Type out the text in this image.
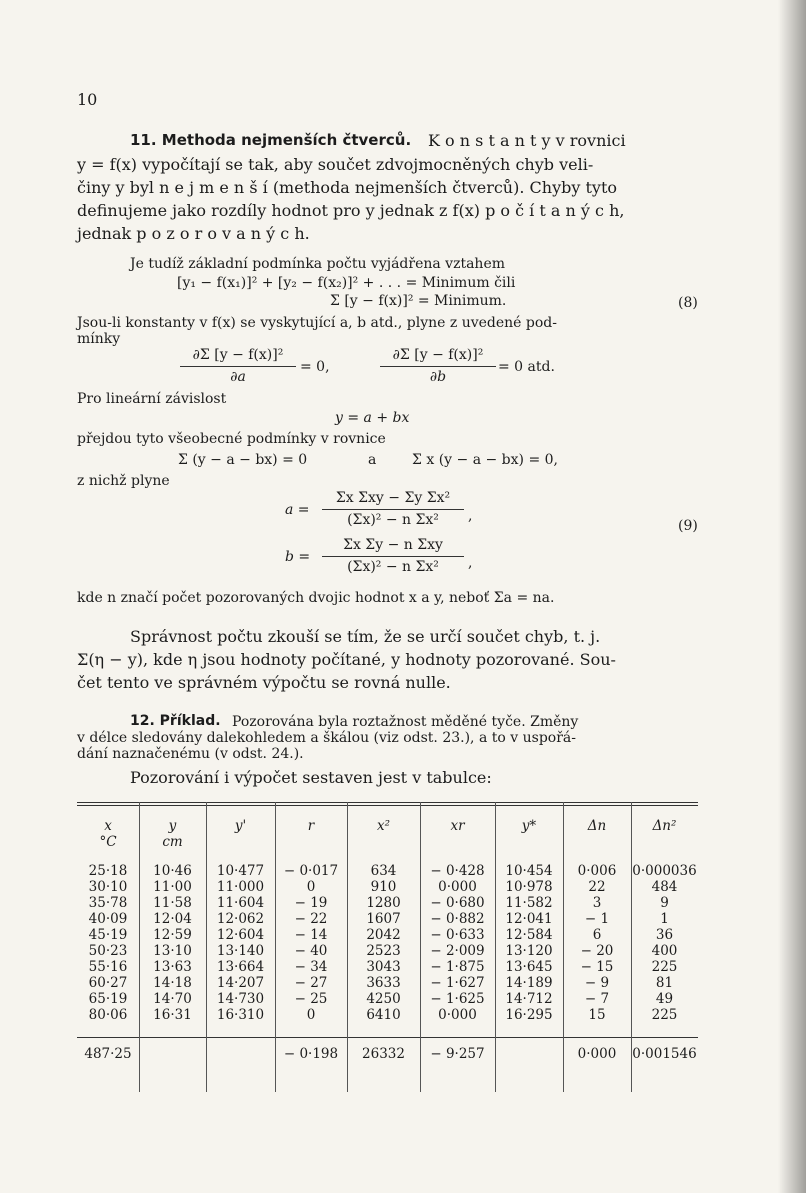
10
11. Methoda nejmenších čtverců. K o n s t a n t y v rovnici
y = f(x) vypočítají se tak, aby součet zdvojmocněných chyb veli-
činy y byl n e j m e n š í (methoda nejmenších čtverců). Chyby tyto
definujeme jako rozdíly hodnot pro y jednak z f(x) p o č í t a n ý c h,
jednak p o z o r o v a n ý c h.
Je tudíž základní podmínka počtu vyjádřena vztahem
[y₁ − f(x₁)]² + [y₂ − f(x₂)]² + . . . = Minimum čili
Σ [y − f(x)]² = Minimum.	(8)
Jsou-li konstanty v f(x) se vyskytující a, b atd., plyne z uvedené pod-
mínky
∂Σ [y − f(x)]²
∂a
= 0,
∂Σ [y − f(x)]²
∂b
= 0 atd.
Pro lineární závislost
y = a + bx
přejdou tyto všeobecné podmínky v rovnice
Σ (y − a − bx) = 0	a	Σ x (y − a − bx) = 0,
z nichž plyne
a =
Σx Σxy − Σy Σx²
(Σx)² − n Σx²	,
(9)
b =
Σx Σy − n Σxy
(Σx)² − n Σx²	,
kde n značí počet pozorovaných dvojic hodnot x a y, neboť Σa = na.
Správnost počtu zkouší se tím, že se určí součet chyb, t. j.
Σ(η − y), kde η jsou hodnoty počítané, y hodnoty pozorované. Sou-
čet tento ve správném výpočtu se rovná nulle.
12. Příklad. Pozorována byla roztažnost měděné tyče. Změny
v délce sledovány dalekohledem a škálou (viz odst. 23.), a to v uspořá-
dání naznačenému (v odst. 24.).
Pozorování i výpočet sestaven jest v tabulce:
x
°C	y
cm	y'	r	x²	xr	y*	Δn	Δn²

25·18	10·46	10·477	− 0·017	634	− 0·428	10·454	0·006	0·000036
30·10	11·00	11·000	0	910	0·000	10·978	22	484
35·78	11·58	11·604	− 19	1280	− 0·680	11·582	3	9
40·09	12·04	12·062	− 22	1607	− 0·882	12·041	− 1	1
45·19	12·59	12·604	− 14	2042	− 0·633	12·584	6	36
50·23	13·10	13·140	− 40	2523	− 2·009	13·120	− 20	400
55·16	13·63	13·664	− 34	3043	− 1·875	13·645	− 15	225
60·27	14·18	14·207	− 27	3633	− 1·627	14·189	− 9	81
65·19	14·70	14·730	− 25	4250	− 1·625	14·712	− 7	49
80·06	16·31	16·310	0	6410	0·000	16·295	15	225
487·25			− 0·198	26332	− 9·257		0·000	0·001546
